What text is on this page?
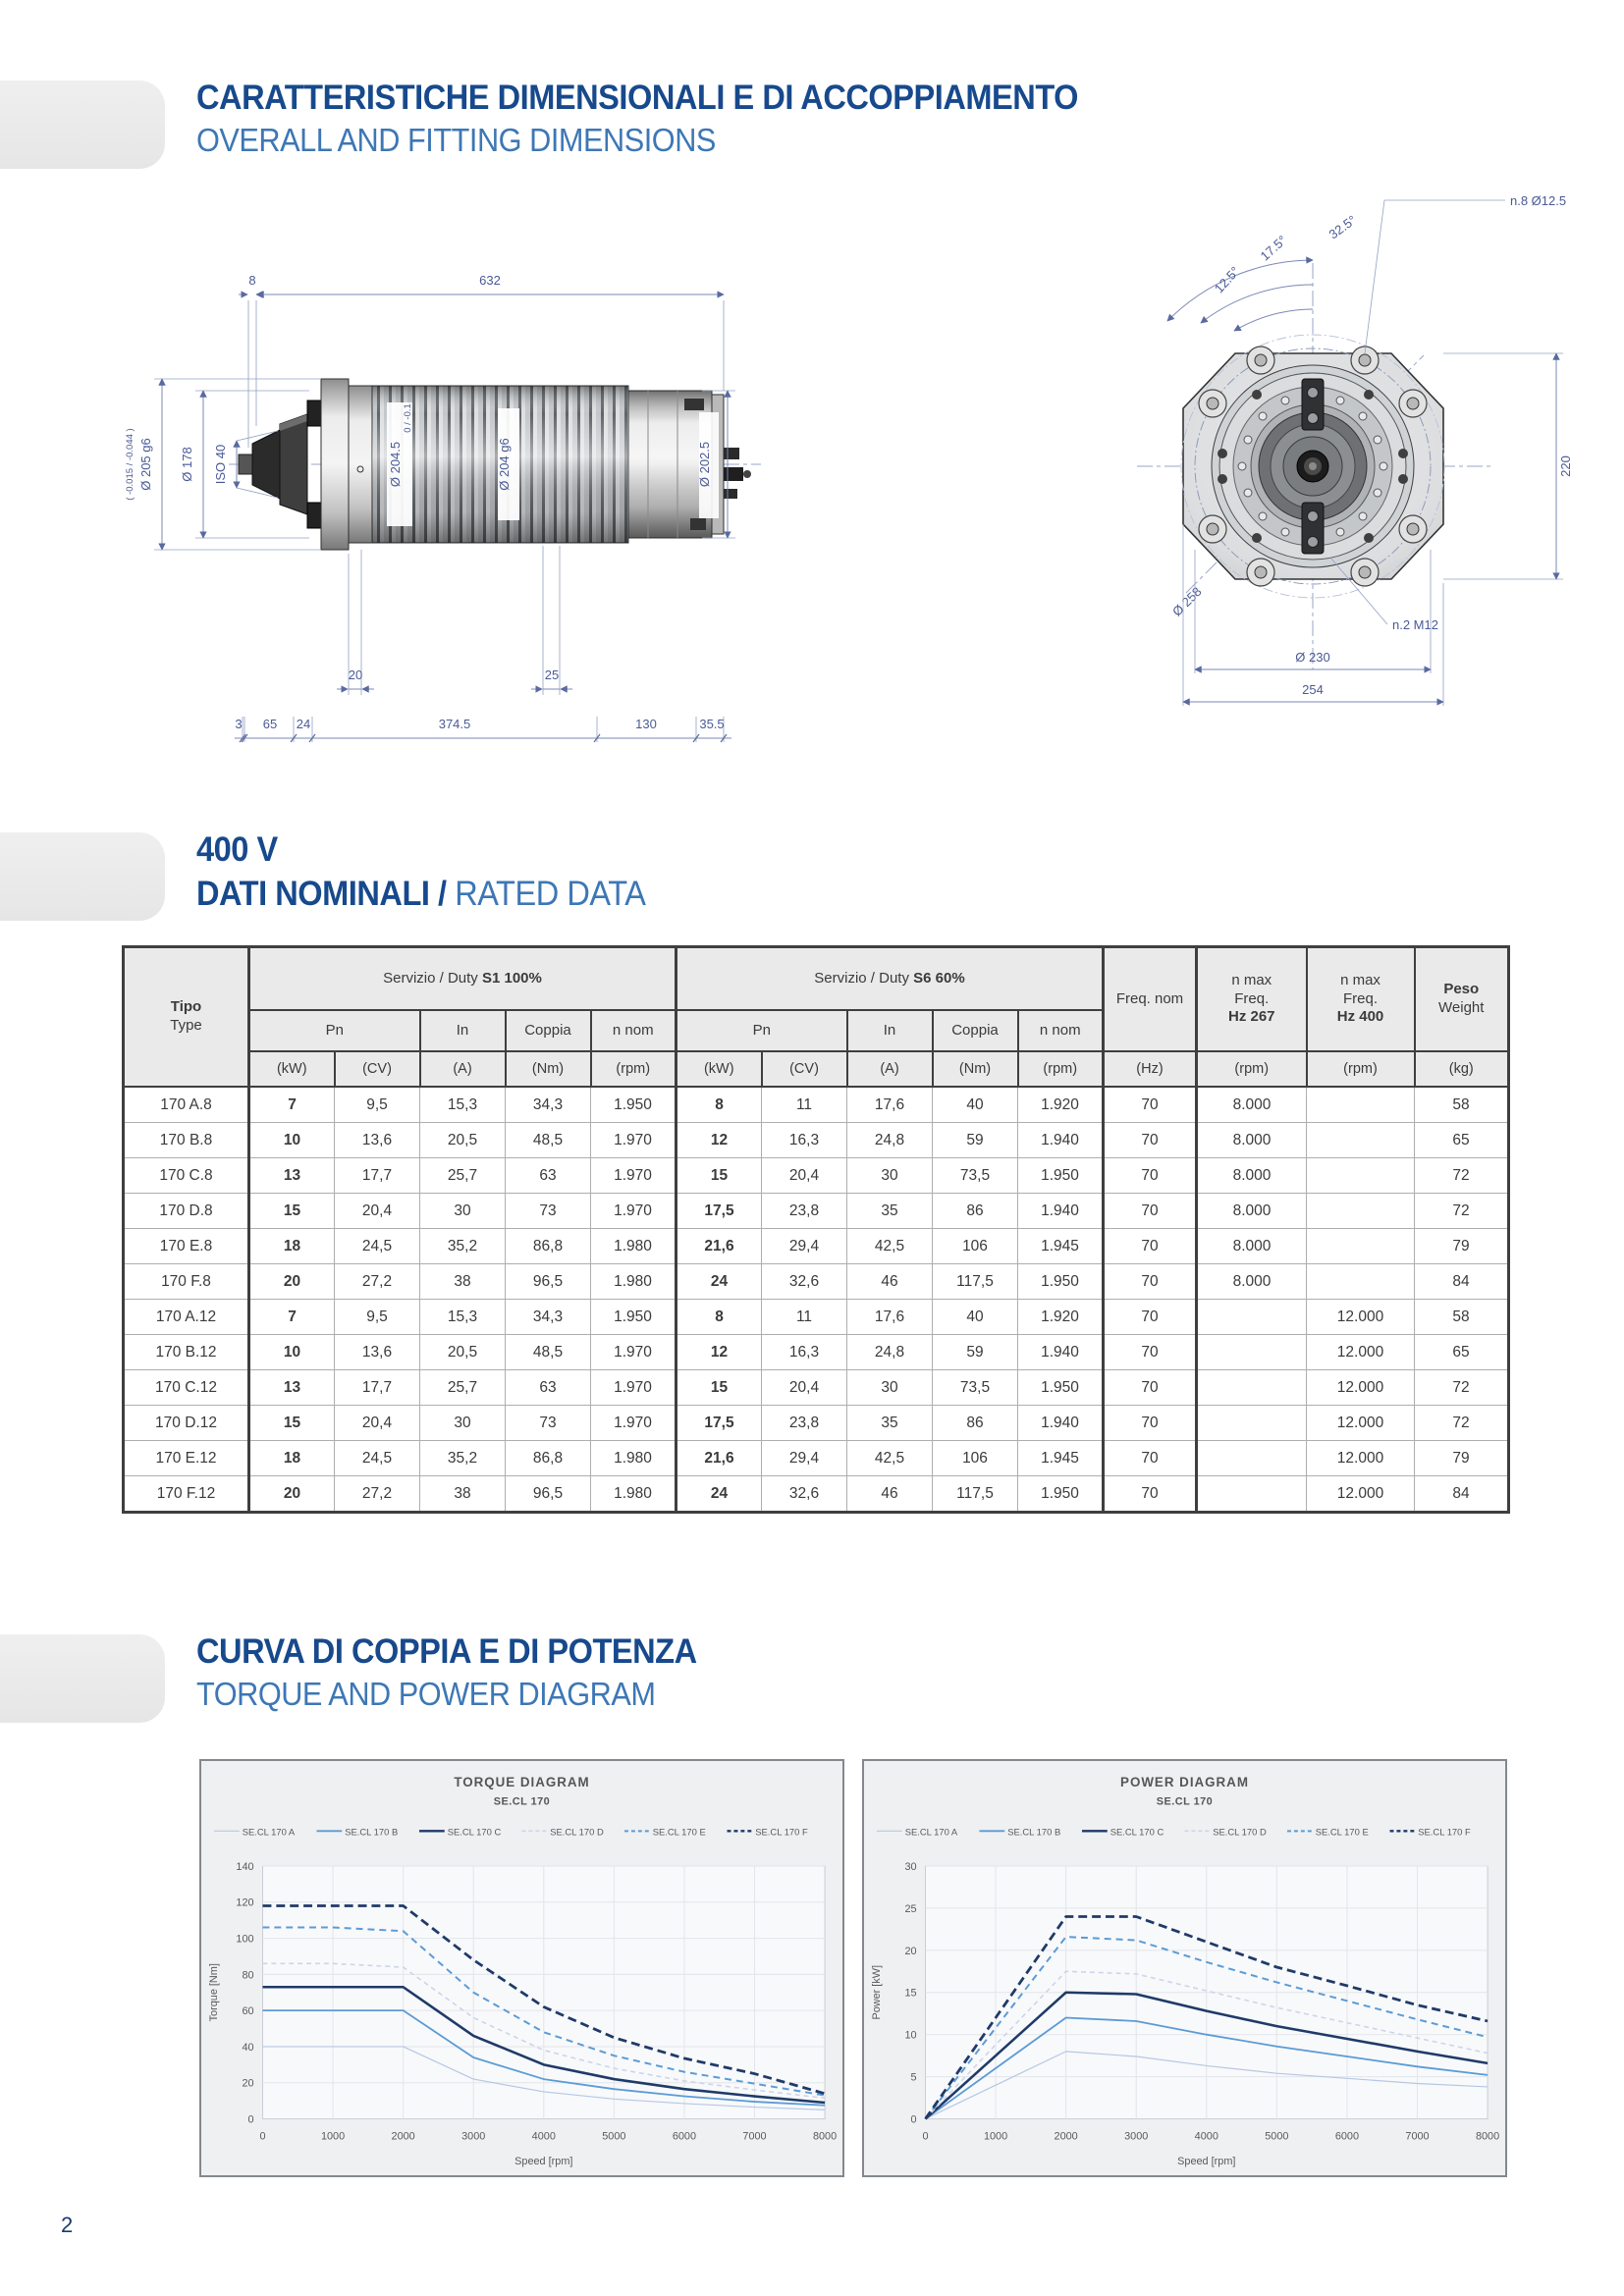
CARATTERISTICHE DIMENSIONALI E DI ACCOPPIAMENTO
OVERALL AND FITTING DIMENSIONS
8	632
Ø 205 g6
( -0.015 / -0.044 )	Ø 178 ISO 40	Ø 204.5
0 / -0.1
Ø 204 g6	Ø 202.5
20	25
3 65 24	374.5	130	35.5
32.5°
17.5°
12.5°
n.8 Ø12.5
220
Ø 258
n.2 M12
Ø 230
254
400 V
DATI NOMINALI / RATED DATA
Tipo
Type
	Servizio / Duty S1 100%	Servizio / Duty S6 60%	Freq. nom	
n max
Freq.
Hz 267

n max
Freq.
Hz 400

Peso
Weight

	Pn		In	Coppia	n nom	Pn		In	Coppia	n nom				
	(kW)	(CV)	(A)	(Nm)	(rpm)	(kW)	(CV)	(A)	(Nm)	(rpm)	(Hz)	(rpm)	(rpm)	(kg)
170 A.8	7	9,5	15,3	34,3	1.950	8	11	17,6	40	1.920	70	8.000		58
170 B.8	10	13,6	20,5	48,5	1.970	12	16,3	24,8	59	1.940	70	8.000		65
170 C.8	13	17,7	25,7	63	1.970	15	20,4	30	73,5	1.950	70	8.000		72
170 D.8	15	20,4	30	73	1.970	17,5	23,8	35	86	1.940	70	8.000		72
170 E.8	18	24,5	35,2	86,8	1.980	21,6	29,4	42,5	106	1.945	70	8.000		79
170 F.8	20	27,2	38	96,5	1.980	24	32,6	46	117,5	1.950	70	8.000		84
170 A.12	7	9,5	15,3	34,3	1.950	8	11	17,6	40	1.920	70		12.000	58
170 B.12	10	13,6	20,5	48,5	1.970	12	16,3	24,8	59	1.940	70		12.000	65
170 C.12	13	17,7	25,7	63	1.970	15	20,4	30	73,5	1.950	70		12.000	72
170 D.12	15	20,4	30	73	1.970	17,5	23,8	35	86	1.940	70		12.000	72
170 E.12	18	24,5	35,2	86,8	1.980	21,6	29,4	42,5	106	1.945	70		12.000	79
170 F.12	20	27,2	38	96,5	1.980	24	32,6	46	117,5	1.950	70		12.000	84
CURVA DI COPPIA E DI POTENZA
TORQUE AND POWER DIAGRAM
0
20
40
60
80
100
120
140
0	1000	2000	3000	4000	5000	6000	7000	8000
TORQUE DIAGRAM
SE.CL 170
SE.CL 170 A	SE.CL 170 B	SE.CL 170 C	SE.CL 170 D	SE.CL 170 E	SE.CL 170 F
Torque [Nm]
Speed [rpm]
0
5
10
15
20
25
30
0	1000	2000	3000	4000	5000	6000	7000	8000
POWER DIAGRAM
SE.CL 170
SE.CL 170 A	SE.CL 170 B	SE.CL 170 C	SE.CL 170 D	SE.CL 170 E	SE.CL 170 F
Power [kW]
Speed [rpm]
2
